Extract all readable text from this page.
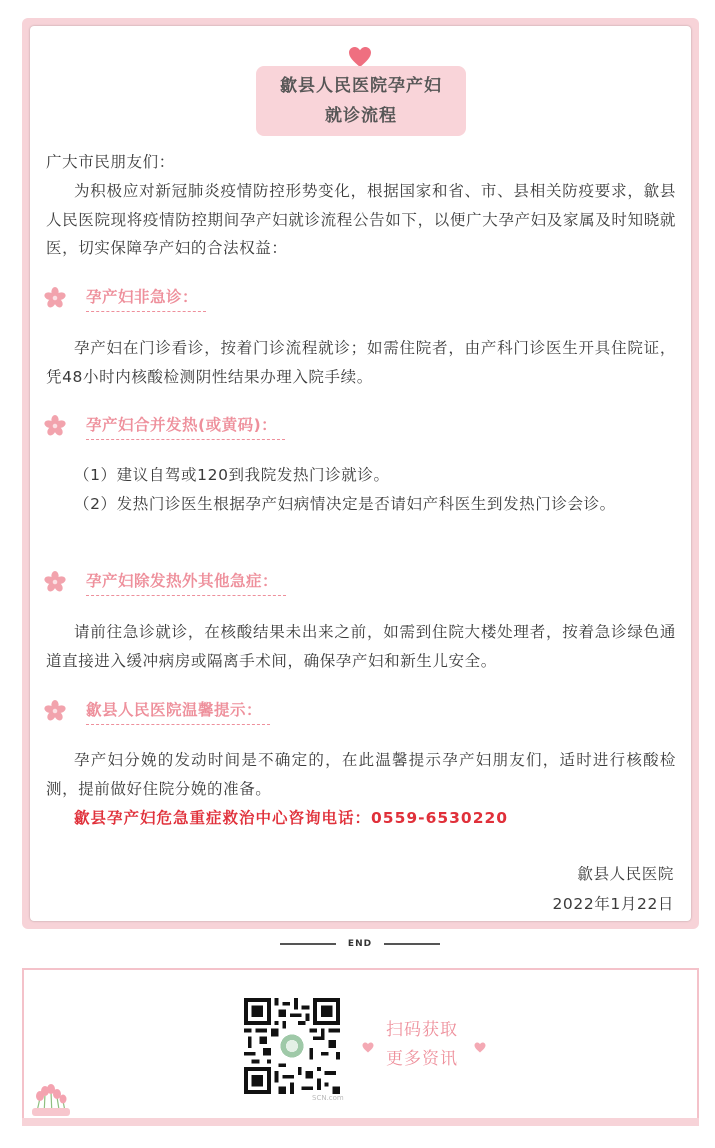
歙县人民医院孕产妇
就诊流程
广大市民朋友们：
为积极应对新冠肺炎疫情防控形势变化，根据国家和省、市、县相关防疫要求，歙县人民医院现将疫情防控期间孕产妇就诊流程公告如下，以便广大孕产妇及家属及时知晓就医，切实保障孕产妇的合法权益：
孕产妇非急诊：
孕产妇在门诊看诊，按着门诊流程就诊；如需住院者，由产科门诊医生开具住院证，凭48小时内核酸检测阴性结果办理入院手续。
孕产妇合并发热(或黄码)：
（1）建议自驾或120到我院发热门诊就诊。
（2）发热门诊医生根据孕产妇病情决定是否请妇产科医生到发热门诊会诊。
孕产妇除发热外其他急症：
请前往急诊就诊，在核酸结果未出来之前，如需到住院大楼处理者，按着急诊绿色通道直接进入缓冲病房或隔离手术间，确保孕产妇和新生儿安全。
歙县人民医院温馨提示：
孕产妇分娩的发动时间是不确定的，在此温馨提示孕产妇朋友们，适时进行核酸检测，提前做好住院分娩的准备。
歙县孕产妇危急重症救治中心咨询电话：0559-6530220
歙县人民医院
2022年1月22日
END
SCN.com
扫码获取
更多资讯
